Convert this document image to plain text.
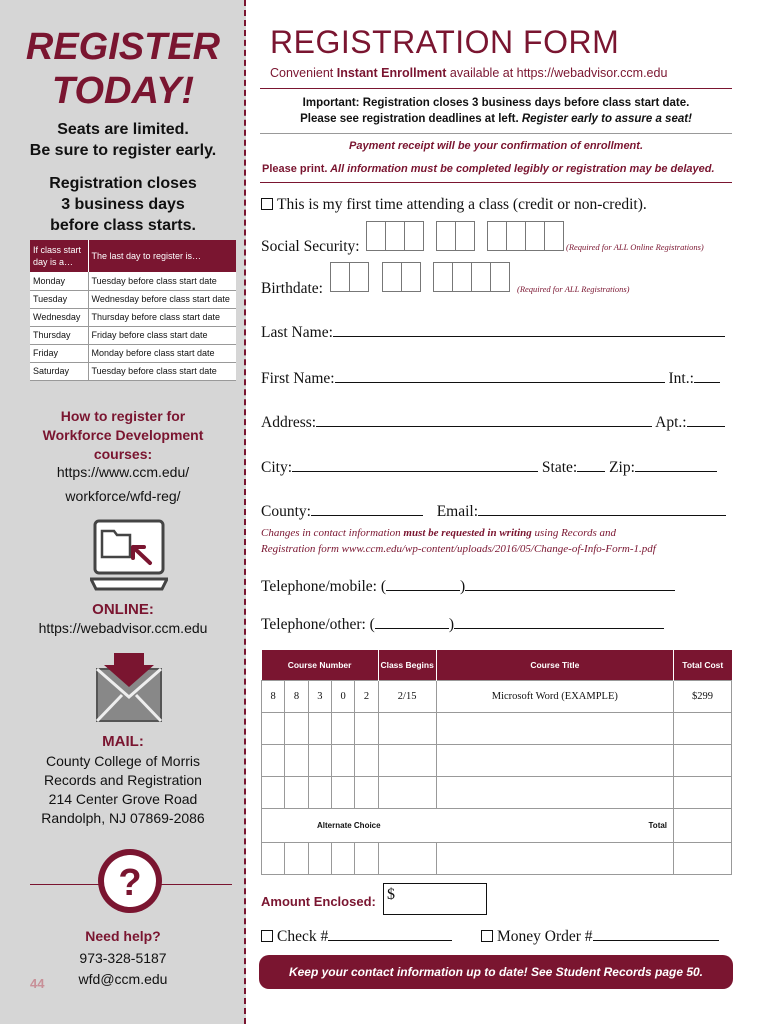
REGISTER
TODAY!
Seats are limited.
Be sure to register early.
Registration closes
3 business days
before class starts.
If class start day is a…	The last day to register is…
Monday	Tuesday before class start date
Tuesday	Wednesday before class start date
Wednesday	Thursday before class start date
Thursday	Friday before class start date
Friday	Monday before class start date
Saturday	Tuesday before class start date
How to register for
Workforce Development
courses:
https://www.ccm.edu/
workforce/wfd-reg/
ONLINE:
https://webadvisor.ccm.edu
MAIL:
County College of Morris
Records and Registration
214 Center Grove Road
Randolph, NJ 07869-2086
?
Need help?
973-328-5187
wfd@ccm.edu
44
REGISTRATION FORM
Convenient Instant Enrollment available at https://webadvisor.ccm.edu
Important: Registration closes 3 business days before class start date.
Please see registration deadlines at left. Register early to assure a seat!
Payment receipt will be your confirmation of enrollment.
Please print. All information must be completed legibly or registration may be delayed.
This is my first time attending a class (credit or non-credit).
Social Security:	(Required for ALL Online Registrations)
Birthdate:	(Required for ALL Registrations)
Last Name:
First Name:	Int.:
Address:	Apt.:
City:	State: Zip:
County:	Email:
Changes in contact information must be requested in writing using Records and
Registration form www.ccm.edu/wp-content/uploads/2016/05/Change-of-Info-Form-1.pdf
Telephone/mobile: (	)
Telephone/other: (	)
Course Number					Class Begins	Course Title	Total Cost
8	8	3	0	2	2/15	Microsoft Word (EXAMPLE)	$299

Alternate Choice Total							

Amount Enclosed: $
Check #	Money Order #
Keep your contact information up to date! See Student Records page 50.
